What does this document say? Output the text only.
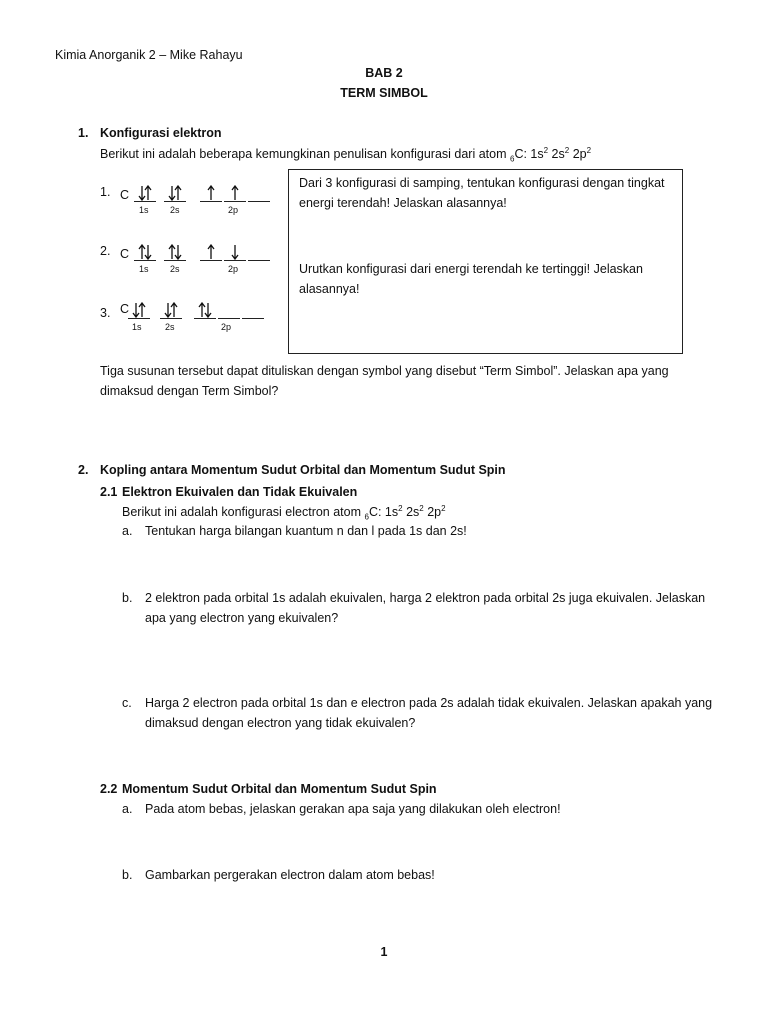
Kimia Anorganik 2 – Mike Rahayu
BAB 2
TERM SIMBOL
1. Konfigurasi elektron
Berikut ini adalah beberapa kemungkinan penulisan konfigurasi dari atom $_6$C: $1s^2$ $2s^2$ $2p^2$
1. C
1s 2s	2p
2. C
1s 2s	2p
3. C
1s	2s	2p

Dari 3 konfigurasi di samping, tentukan konfigurasi dengan tingkat energi terendah! Jelaskan alasannya!

Urutkan konfigurasi dari energi terendah ke tertinggi! Jelaskan alasannya!

Tiga susunan tersebut dapat dituliskan dengan symbol yang disebut “Term Simbol”. Jelaskan apa yang
dimaksud dengan Term Simbol?
2. Kopling antara Momentum Sudut Orbital dan Momentum Sudut Spin
2.1 Elektron Ekuivalen dan Tidak Ekuivalen
Berikut ini adalah konfigurasi electron atom $_6$C: $1s^2$ $2s^2$ $2p^2$
a. Tentukan harga bilangan kuantum n dan l pada 1s dan 2s!
b. 2 elektron pada orbital 1s adalah ekuivalen, harga 2 elektron pada orbital 2s juga ekuivalen. Jelaskan
apa yang electron yang ekuivalen?
c. Harga 2 electron pada orbital 1s dan e electron pada 2s adalah tidak ekuivalen. Jelaskan apakah yang
dimaksud dengan electron yang tidak ekuivalen?
2.2 Momentum Sudut Orbital dan Momentum Sudut Spin
a. Pada atom bebas, jelaskan gerakan apa saja yang dilakukan oleh electron!
b. Gambarkan pergerakan electron dalam atom bebas!
1
